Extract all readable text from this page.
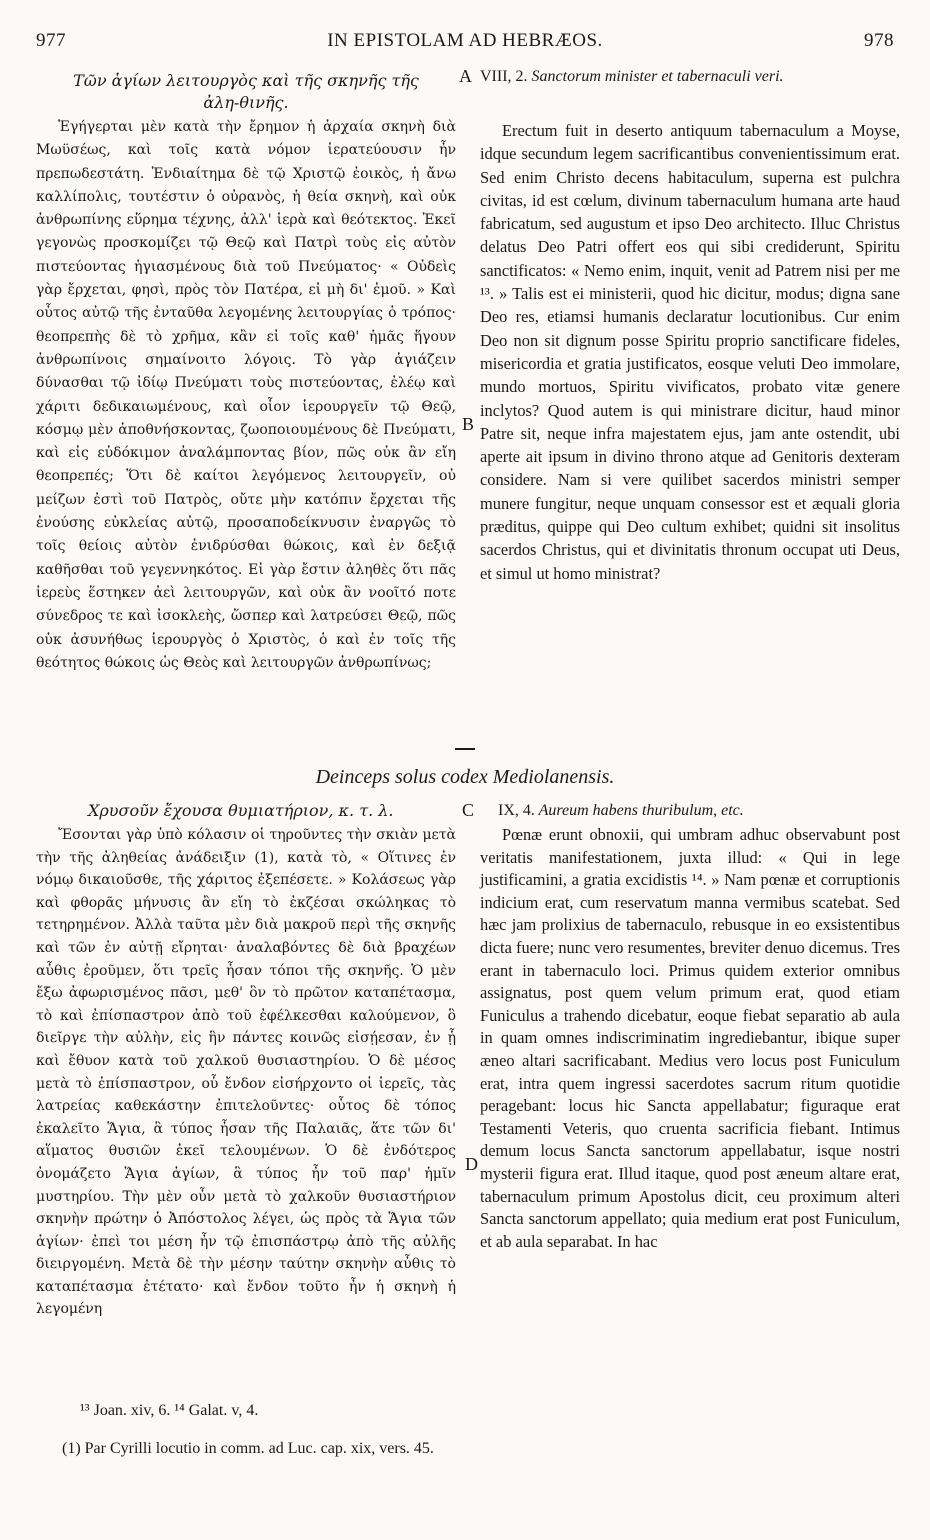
977	IN EPISTOLAM AD HEBRÆOS.	978

Τῶν ἁγίων λειτουργὸς καὶ τῆς σκηνῆς τῆς ἀλη-θινῆς.

Ἐγήγερται μὲν κατὰ τὴν ἔρημον ἡ ἀρχαία σκηνὴ διὰ Μωϋσέως, καὶ τοῖς κατὰ νόμον ἱερατεύουσιν ἦν πρεπωδεστάτη. Ἐνδιαίτημα δὲ τῷ Χριστῷ ἐοικὸς, ἡ ἄνω καλλίπολις, τουτέστιν ὁ οὐρανὸς, ἡ θεία σκηνὴ, καὶ οὐκ ἀνθρωπίνης εὕρημα τέχνης, ἀλλ' ἱερὰ καὶ θεότεκτος. Ἐκεῖ γεγονὼς προσκομίζει τῷ Θεῷ καὶ Πατρὶ τοὺς εἰς αὐτὸν πιστεύοντας ἡγιασμένους διὰ τοῦ Πνεύματος· « Οὐδεὶς γὰρ ἔρχεται, φησὶ, πρὸς τὸν Πατέρα, εἰ μὴ δι' ἐμοῦ. » Καὶ οὗτος αὐτῷ τῆς ἐνταῦθα λεγομένης λειτουργίας ὁ τρόπος· θεοπρεπὴς δὲ τὸ χρῆμα, κἂν εἰ τοῖς καθ' ἡμᾶς ἥγουν ἀνθρωπίνοις σημαίνοιτο λόγοις. Τὸ γὰρ ἁγιάζειν δύνασθαι τῷ ἰδίῳ Πνεύματι τοὺς πιστεύοντας, ἐλέῳ καὶ χάριτι δεδικαιωμένους, καὶ οἷον ἱερουργεῖν τῷ Θεῷ, κόσμῳ μὲν ἀποθνήσκοντας, ζωοποιουμένους δὲ Πνεύματι, καὶ εἰς εὐδόκιμον ἀναλάμποντας βίον, πῶς οὐκ ἂν εἴη θεοπρεπές; Ὅτι δὲ καίτοι λεγόμενος λειτουργεῖν, οὐ μείζων ἐστὶ τοῦ Πατρὸς, οὔτε μὴν κατόπιν ἔρχεται τῆς ἐνούσης εὐκλείας αὐτῷ, προσαποδείκνυσιν ἐναργῶς τὸ τοῖς θείοις αὐτὸν ἐνιδρύσθαι θώκοις, καὶ ἐν δεξιᾷ καθῆσθαι τοῦ γεγεννηκότος. Εἰ γὰρ ἔστιν ἀληθὲς ὅτι πᾶς ἱερεὺς ἕστηκεν ἀεὶ λειτουργῶν, καὶ οὐκ ἂν νοοῖτό ποτε σύνεδρος τε καὶ ἰσοκλεὴς, ὥσπερ καὶ λατρεύσει Θεῷ, πῶς οὐκ ἀσυνήθως ἱερουργὸς ὁ Χριστὸς, ὁ καὶ ἐν τοῖς τῆς θεότητος θώκοις ὡς Θεὸς καὶ λειτουργῶν ἀνθρωπίνως;

VIII, 2. Sanctorum minister et tabernaculi veri.

Erectum fuit in deserto antiquum tabernaculum a Moyse, idque secundum legem sacrificantibus convenientissimum erat. Sed enim Christo decens habitaculum, superna est pulchra civitas, id est cœlum, divinum tabernaculum humana arte haud fabricatum, sed augustum et ipso Deo architecto. Illuc Christus delatus Deo Patri offert eos qui sibi crediderunt, Spiritu sanctificatos: « Nemo enim, inquit, venit ad Patrem nisi per me ¹³. » Talis est ei ministerii, quod hic dicitur, modus; digna sane Deo res, etiamsi humanis declaratur locutionibus. Cur enim Deo non sit dignum posse Spiritu proprio sanctificare fideles, misericordia et gratia justificatos, eosque veluti Deo immolare, mundo mortuos, Spiritu vivificatos, probato vitæ genere inclytos? Quod autem is qui ministrare dicitur, haud minor Patre sit, neque infra majestatem ejus, jam ante ostendit, ubi aperte ait ipsum in divino throno atque ad Genitoris dexteram considere. Nam si vere quilibet sacerdos ministri semper munere fungitur, neque unquam consessor est et æquali gloria præditus, quippe qui Deo cultum exhibet; quidni sit insolitus sacerdos Christus, qui et divinitatis thronum occupat uti Deus, et simul ut homo ministrat?

A
B
Deinceps solus codex Mediolanensis.

Χρυσοῦν ἔχουσα θυμιατήριον, κ. τ. λ.

Ἔσονται γὰρ ὑπὸ κόλασιν οἱ τηροῦντες τὴν σκιὰν μετὰ τὴν τῆς ἀληθείας ἀνάδειξιν (1), κατὰ τὸ, « Οἵτινες ἐν νόμῳ δικαιοῦσθε, τῆς χάριτος ἐξεπέσετε. » Κολάσεως γὰρ καὶ φθορᾶς μήνυσις ἂν εἴη τὸ ἐκζέσαι σκώληκας τὸ τετηρημένον. Ἀλλὰ ταῦτα μὲν διὰ μακροῦ περὶ τῆς σκηνῆς καὶ τῶν ἐν αὐτῇ εἴρηται· ἀναλαβόντες δὲ διὰ βραχέων αὖθις ἐροῦμεν, ὅτι τρεῖς ἦσαν τόποι τῆς σκηνῆς. Ὁ μὲν ἔξω ἀφωρισμένος πᾶσι, μεθ' ὃν τὸ πρῶτον καταπέτασμα, τὸ καὶ ἐπίσπαστρον ἀπὸ τοῦ ἐφέλκεσθαι καλούμενον, ὃ διεῖργε τὴν αὐλὴν, εἰς ἣν πάντες κοινῶς εἰσῄεσαν, ἐν ᾗ καὶ ἔθυον κατὰ τοῦ χαλκοῦ θυσιαστηρίου. Ὁ δὲ μέσος μετὰ τὸ ἐπίσπαστρον, οὗ ἔνδον εἰσήρχοντο οἱ ἱερεῖς, τὰς λατρείας καθεκάστην ἐπιτελοῦντες· οὗτος δὲ τόπος ἐκαλεῖτο Ἅγια, ἃ τύπος ἦσαν τῆς Παλαιᾶς, ἅτε τῶν δι' αἵματος θυσιῶν ἐκεῖ τελουμένων. Ὁ δὲ ἐνδότερος ὀνομάζετο Ἅγια ἁγίων, ἃ τύπος ἦν τοῦ παρ' ἡμῖν μυστηρίου. Τὴν μὲν οὖν μετὰ τὸ χαλκοῦν θυσιαστήριον σκηνὴν πρώτην ὁ Ἀπόστολος λέγει, ὡς πρὸς τὰ Ἅγια τῶν ἁγίων· ἐπεὶ τοι μέση ἦν τῷ ἐπισπάστρῳ ἀπὸ τῆς αὐλῆς διειργομένη. Μετὰ δὲ τὴν μέσην ταύτην σκηνὴν αὖθις τὸ καταπέτασμα ἐτέτατο· καὶ ἔνδον τοῦτο ἦν ἡ σκηνὴ ἡ λεγομένη

IX, 4. Aureum habens thuribulum, etc.

Pœnæ erunt obnoxii, qui umbram adhuc observabunt post veritatis manifestationem, juxta illud: « Qui in lege justificamini, a gratia excidistis ¹⁴. » Nam pœnæ et corruptionis indicium erat, cum reservatum manna vermibus scatebat. Sed hæc jam prolixius de tabernaculo, rebusque in eo exsistentibus dicta fuere; nunc vero resumentes, breviter denuo dicemus. Tres erant in tabernaculo loci. Primus quidem exterior omnibus assignatus, post quem velum primum erat, quod etiam Funiculus a trahendo dicebatur, eoque fiebat separatio ab aula in quam omnes indiscriminatim ingrediebantur, ibique super æneo altari sacrificabant. Medius vero locus post Funiculum erat, intra quem ingressi sacerdotes sacrum ritum quotidie peragebant: locus hic Sancta appellabatur; figuraque erat Testamenti Veteris, quo cruenta sacrificia fiebant. Intimus demum locus Sancta sanctorum appellabatur, isque nostri mysterii figura erat. Illud itaque, quod post æneum altare erat, tabernaculum primum Apostolus dicit, ceu proximum alteri Sancta sanctorum appellato; quia medium erat post Funiculum, et ab aula separabat. In hac

C
D
¹³ Joan. xiv, 6. ¹⁴ Galat. v, 4.
(1) Par Cyrilli locutio in comm. ad Luc. cap. xix, vers. 45.
